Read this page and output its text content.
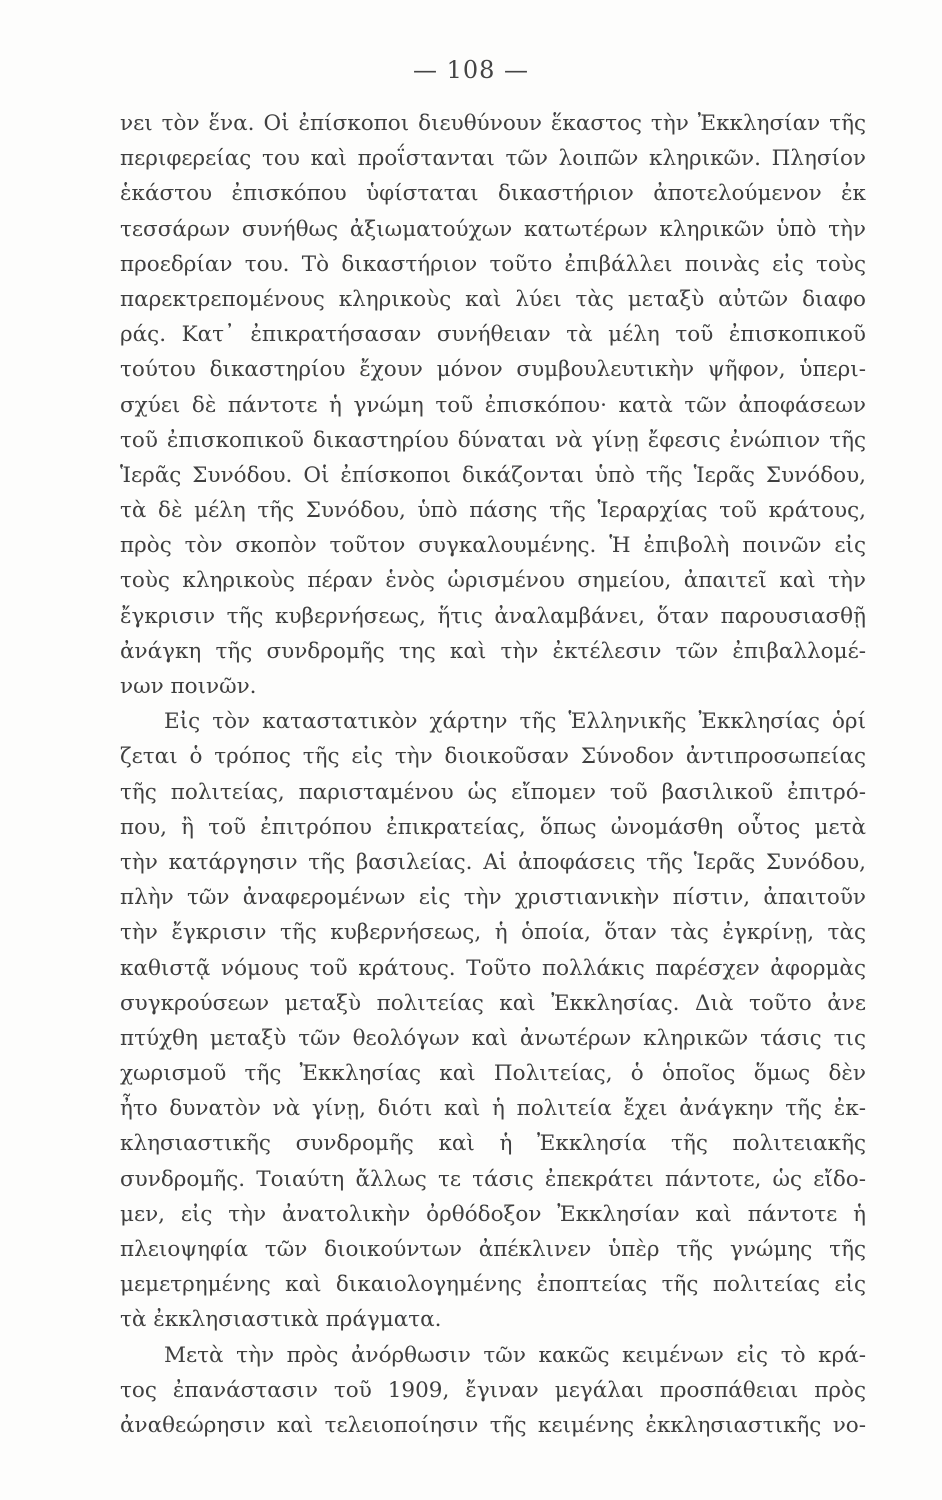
— 108 —
νει τὸν ἕνα. Οἱ ἐπίσκοποι διευθύνουν ἕκαστος τὴν Ἐκκλησίαν τῆς
περιφερείας του καὶ προΐστανται τῶν λοιπῶν κληρικῶν. Πλησίον
ἑκάστου ἐπισκόπου ὑφίσταται δικαστήριον ἀποτελούμενον ἐκ
τεσσάρων συνήθως ἀξιωματούχων κατωτέρων κληρικῶν ὑπὸ τὴν
προεδρίαν του. Τὸ δικαστήριον τοῦτο ἐπιβάλλει ποινὰς εἰς τοὺς
παρεκτρεπομένους κληρικοὺς καὶ λύει τὰς μεταξὺ αὐτῶν διαφο
ράς. Κατ᾽ ἐπικρατήσασαν συνήθειαν τὰ μέλη τοῦ ἐπισκοπικοῦ
τούτου δικαστηρίου ἔχουν μόνον συμβουλευτικὴν ψῆφον, ὑπερι-
σχύει δὲ πάντοτε ἡ γνώμη τοῦ ἐπισκόπου· κατὰ τῶν ἀποφάσεων
τοῦ ἐπισκοπικοῦ δικαστηρίου δύναται νὰ γίνῃ ἔφεσις ἐνώπιον τῆς
Ἱερᾶς Συνόδου. Οἱ ἐπίσκοποι δικάζονται ὑπὸ τῆς Ἱερᾶς Συνόδου,
τὰ δὲ μέλη τῆς Συνόδου, ὑπὸ πάσης τῆς Ἱεραρχίας τοῦ κράτους,
πρὸς τὸν σκοπὸν τοῦτον συγκαλουμένης. Ἡ ἐπιβολὴ ποινῶν εἰς
τοὺς κληρικοὺς πέραν ἑνὸς ὡρισμένου σημείου, ἀπαιτεῖ καὶ τὴν
ἔγκρισιν τῆς κυβερνήσεως, ἥτις ἀναλαμβάνει, ὅταν παρουσιασθῇ
ἀνάγκη τῆς συνδρομῆς της καὶ τὴν ἐκτέλεσιν τῶν ἐπιβαλλομέ-
νων ποινῶν.
Εἰς τὸν καταστατικὸν χάρτην τῆς Ἑλληνικῆς Ἐκκλησίας ὁρί
ζεται ὁ τρόπος τῆς εἰς τὴν διοικοῦσαν Σύνοδον ἀντιπροσωπείας
τῆς πολιτείας, παρισταμένου ὡς εἴπομεν τοῦ βασιλικοῦ ἐπιτρό-
που, ἢ τοῦ ἐπιτρόπου ἐπικρατείας, ὅπως ὠνομάσθη οὗτος μετὰ
τὴν κατάργησιν τῆς βασιλείας. Αἱ ἀποφάσεις τῆς Ἱερᾶς Συνόδου,
πλὴν τῶν ἀναφερομένων εἰς τὴν χριστιανικὴν πίστιν, ἀπαιτοῦν
τὴν ἔγκρισιν τῆς κυβερνήσεως, ἡ ὁποία, ὅταν τὰς ἐγκρίνῃ, τὰς
καθιστᾷ νόμους τοῦ κράτους. Τοῦτο πολλάκις παρέσχεν ἀφορμὰς
συγκρούσεων μεταξὺ πολιτείας καὶ Ἐκκλησίας. Διὰ τοῦτο ἀνε
πτύχθη μεταξὺ τῶν θεολόγων καὶ ἀνωτέρων κληρικῶν τάσις τις
χωρισμοῦ τῆς Ἐκκλησίας καὶ Πολιτείας, ὁ ὁποῖος ὅμως δὲν
ἦτο δυνατὸν νὰ γίνῃ, διότι καὶ ἡ πολιτεία ἔχει ἀνάγκην τῆς ἐκ-
κλησιαστικῆς συνδρομῆς καὶ ἡ Ἐκκλησία τῆς πολιτειακῆς
συνδρομῆς. Τοιαύτη ἄλλως τε τάσις ἐπεκράτει πάντοτε, ὡς εἴδο-
μεν, εἰς τὴν ἀνατολικὴν ὀρθόδοξον Ἐκκλησίαν καὶ πάντοτε ἡ
πλειοψηφία τῶν διοικούντων ἀπέκλινεν ὑπὲρ τῆς γνώμης τῆς
μεμετρημένης καὶ δικαιολογημένης ἐποπτείας τῆς πολιτείας εἰς
τὰ ἐκκλησιαστικὰ πράγματα.
Μετὰ τὴν πρὸς ἀνόρθωσιν τῶν κακῶς κειμένων εἰς τὸ κρά-
τος ἐπανάστασιν τοῦ 1909, ἔγιναν μεγάλαι προσπάθειαι πρὸς
ἀναθεώρησιν καὶ τελειοποίησιν τῆς κειμένης ἐκκλησιαστικῆς νο-
